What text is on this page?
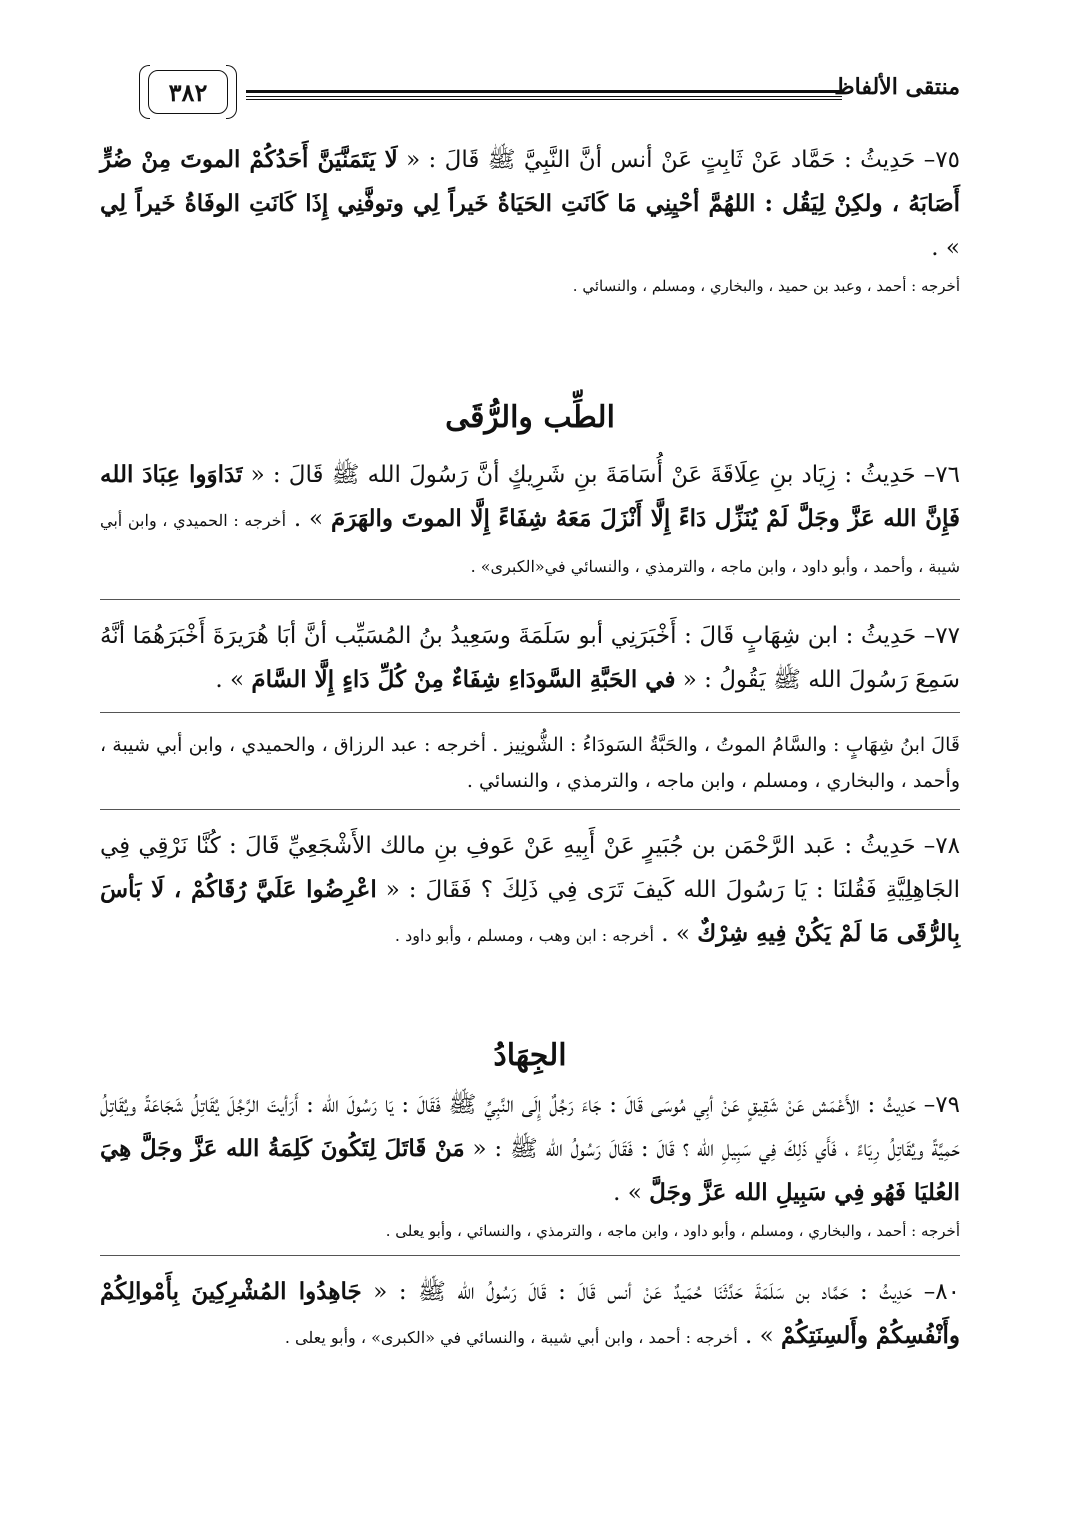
٣٨٢	منتقى الألفاظ

٧٥– حَدِيثُ : حَمَّاد عَنْ ثَابِتٍ عَنْ أنس أنَّ النَّبِيَّ ﷺ قَالَ : « لَا يَتَمَنَّيَنَّ أَحَدُكُمْ الموتَ مِنْ ضُرٍّ أَصَابَهُ ، ولكِنْ لِيَقُل : اللهُمَّ أحْيِنِي مَا كَانَتِ الحَيَاةُ خَيراً لِي وتوفَّنِي إِذَا كَانَتِ الوفَاةُ خَيراً لِي » .

أخرجه : أحمد ، وعبد بن حميد ، والبخاري ، ومسلم ، والنسائي .

الطِّب والرُّقَى

٧٦– حَدِيثُ : زِيَاد بنِ عِلَاقَةَ عَنْ أُسَامَةَ بنِ شَرِيكٍ أنَّ رَسُولَ الله ﷺ قَالَ : « تَدَاوَوا عِبَادَ الله فَإِنَّ الله عَزَّ وجَلَّ لَمْ يُنَزِّل دَاءً إِلَّا أَنْزَلَ مَعَهُ شِفَاءً إِلَّا الموتَ والهَرَمَ » . أخرجه : الحميدي ، وابن أبي شيبة ، وأحمد ، وأبو داود ، وابن ماجه ، والترمذي ، والنسائي في«الكبرى» .

٧٧– حَدِيثُ : ابن شِهَابٍ قَالَ : أَخْبَرَنِي أبو سَلَمَةَ وسَعِيدُ بنُ المُسَيِّب أنَّ أبَا هُرَيرَةَ أَخْبَرَهُمَا أنَّهُ سَمِعَ رَسُولَ الله ﷺ يَقُولُ : « في الحَبَّةِ السَّودَاءِ شِفَاءٌ مِنْ كُلِّ دَاءٍ إِلَّا السَّامَ » .

قَالَ ابنُ شِهَابٍ : والسَّامُ الموتُ ، والحَبَّةُ السَودَاءُ : الشُّونِيز . أخرجه : عبد الرزاق ، والحميدي ، وابن أبي شيبة ، وأحمد ، والبخاري ، ومسلم ، وابن ماجه ، والترمذي ، والنسائي .

٧٨– حَدِيثُ : عَبد الرَّحْمَن بن جُبَيرٍ عَنْ أَبِيهِ عَنْ عَوفِ بنِ مالك الأَشْجَعِيِّ قَالَ : كُنَّا نَرْقِي فِي الجَاهِلِيَّةِ فَقُلنَا : يَا رَسُولَ الله كَيفَ تَرَى فِي ذَلِكَ ؟ فَقَالَ : « اعْرِضُوا عَلَيَّ رُقَاكُمْ ، لَا بَأسَ بِالرُّقَى مَا لَمْ يَكُنْ فِيهِ شِرْكٌ » . أخرجه : ابن وهب ، ومسلم ، وأبو داود .

الجِهَادُ

٧٩– حَدِيثُ : الأَعْمَش عَنْ شَقِيقٍ عَنْ أبِي مُوسَى قَالَ : جَاءَ رَجُلٌ إِلَى النَّبِيِّ ﷺ فَقَالَ : يَا رَسُولَ الله : أَرَأيتَ الرَّجُلَ يُقَاتِلُ شَجَاعَةً ويُقَاتِلُ حَمِيَّةً ويُقَاتِلُ رِيَاءً ، فَأَي ذَلِكَ فِي سَبِيلِ الله ؟ قَالَ : فَقَالَ رَسُولُ الله ﷺ : « مَنْ قَاتَلَ لِتَكُونَ كَلِمَةُ الله عَزَّ وجَلَّ هِيَ العُليَا فَهُو فِي سَبِيلِ الله عَزَّ وجَلَّ » .

أخرجه : أحمد ، والبخاري ، ومسلم ، وأبو داود ، وابن ماجه ، والترمذي ، والنسائي ، وأبو يعلى .

٨٠– حَدِيثُ : حَمَّاد بن سَلَمَةَ حَدَّثَنَا حُمَيدٌ عَنْ أنس قَالَ : قَالَ رَسُولُ الله ﷺ : « جَاهِدُوا المُشْرِكِينَ بِأَمْوالِكُمْ وأَنْفُسِكُمْ وأَلسِنَتِكُمْ » . أخرجه : أحمد ، وابن أبي شيبة ، والنسائي في «الكبرى» ، وأبو يعلى .
